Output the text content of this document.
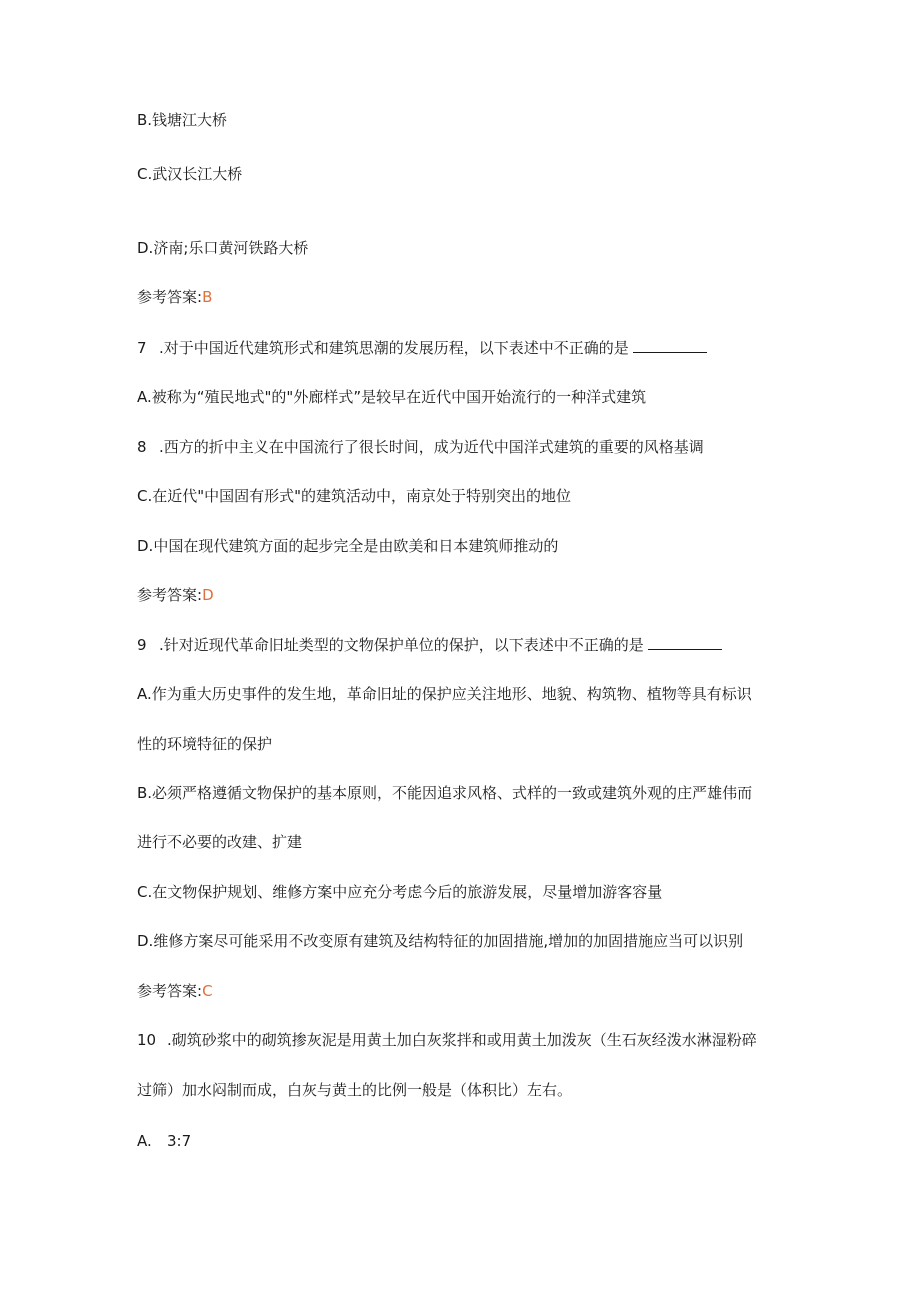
B.钱塘江大桥
C.武汉长江大桥
D.济南;乐口黄河铁路大桥
参考答案:B
7 .对于中国近代建筑形式和建筑思潮的发展历程，以下表述中不正确的是
A.被称为“殖民地式"的"外廊样式”是较早在近代中国开始流行的一种洋式建筑
8 .西方的折中主义在中国流行了很长时间，成为近代中国洋式建筑的重要的风格基调
C.在近代"中国固有形式"的建筑活动中，南京处于特别突出的地位
D.中国在现代建筑方面的起步完全是由欧美和日本建筑师推动的
参考答案:D
9 .针对近现代革命旧址类型的文物保护单位的保护，以下表述中不正确的是
A.作为重大历史事件的发生地，革命旧址的保护应关注地形、地貌、构筑物、植物等具有标识
性的环境特征的保护
B.必须严格遵循文物保护的基本原则，不能因追求风格、式样的一致或建筑外观的庄严雄伟而
进行不必要的改建、扩建
C.在文物保护规划、维修方案中应充分考虑今后的旅游发展，尽量增加游客容量
D.维修方案尽可能采用不改变原有建筑及结构特征的加固措施,增加的加固措施应当可以识别
参考答案:C
10 .砌筑砂浆中的砌筑掺灰泥是用黄土加白灰浆拌和或用黄土加泼灰（生石灰经泼水淋湿粉碎
过筛）加水闷制而成，白灰与黄土的比例一般是（体积比）左右。
A. 3:7
